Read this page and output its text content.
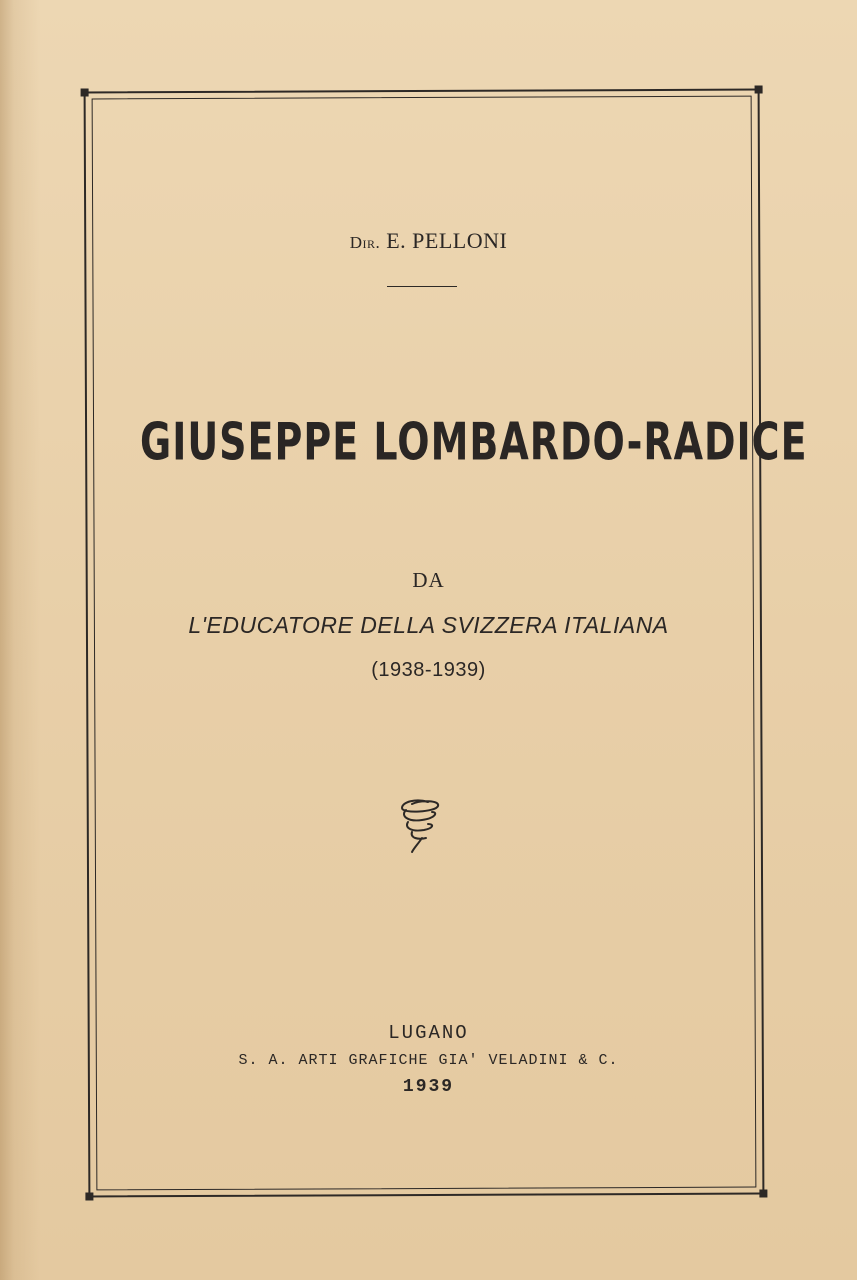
Dir. E. PELLONI
GIUSEPPE LOMBARDO-RADICE
DA
L'EDUCATORE DELLA SVIZZERA ITALIANA
(1938-1939)
LUGANO
S. A. ARTI GRAFICHE GIA' VELADINI & C.
1939
